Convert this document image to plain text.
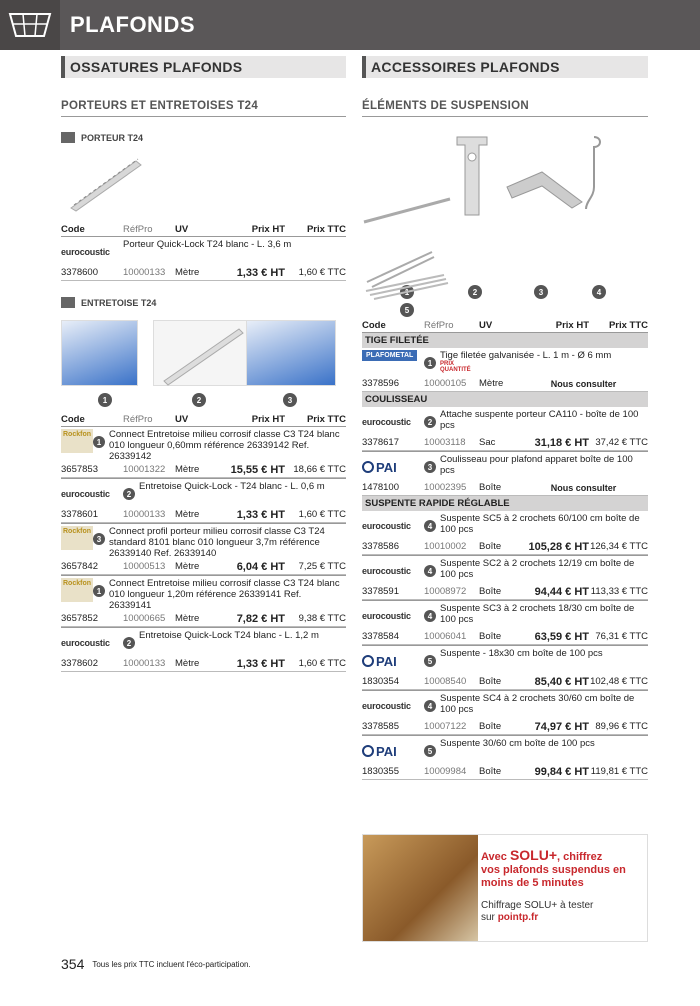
PLAFONDS
OSSATURES PLAFONDS
PORTEURS ET ENTRETOISES T24
PORTEUR T24
Code	RéfPro	UV	Prix HT	Prix TTC
eurocoustic
Porteur Quick-Lock T24 blanc - L. 3,6 m
3378600	10000133	Mètre	1,33 € HT	1,60 € TTC
ENTRETOISE T24
1	2	3
Code	RéfPro	UV	Prix HT	Prix TTC
Rockfon
1
Connect Entretoise milieu corrosif classe C3 T24 blanc 010 longueur 0,60mm référence 26339142 Ref. 26339142
3657853	10001322	Mètre	15,55 € HT 18,66 € TTC
eurocoustic	2
Entretoise Quick-Lock - T24 blanc - L. 0,6 m
3378601	10000133	Mètre	1,33 € HT	1,60 € TTC
Rockfon
3
Connect profil porteur milieu corrosif classe C3 T24 standard 8101 blanc 010 longueur 3,7m référence 26339140 Ref. 26339140
3657842	10000513	Mètre	6,04 € HT	7,25 € TTC
Rockfon
1
Connect Entretoise milieu corrosif classe C3 T24 blanc 010 longueur 1,20m référence 26339141 Ref. 26339141
3657852	10000665	Mètre	7,82 € HT	9,38 € TTC
eurocoustic	2
Entretoise Quick-Lock T24 blanc - L. 1,2 m
3378602	10000133	Mètre	1,33 € HT	1,60 € TTC
ACCESSOIRES PLAFONDS
ÉLÉMENTS DE SUSPENSION
2	3	4
5
Code	RéfPro	UV	Prix HT	Prix TTC
TIGE FILETÉE
PLAFOMETAL
1
Tige filetée galvanisée - L. 1 m - Ø 6 mm
PRIX QUANTITÉ
3378596	10000105	Mètre	Nous consulter
COULISSEAU
eurocoustic	2
Attache suspente porteur CA110 - boîte de 100 pcs
3378617	10003118	Sac	31,18 € HT 37,42 € TTC
PAI	3
Coulisseau pour plafond apparet boîte de 100 pcs
1478100	10002395	Boîte	Nous consulter
SUSPENTE RAPIDE RÉGLABLE
eurocoustic	4
Suspente SC5 à 2 crochets 60/100 cm boîte de 100 pcs
3378586	10010002	Boîte	105,28 € HT 126,34 € TTC
eurocoustic	4
Suspente SC2 à 2 crochets 12/19 cm boîte de 100 pcs
3378591	10008972	Boîte	94,44 € HT 113,33 € TTC
eurocoustic	4
Suspente SC3 à 2 crochets 18/30 cm boîte de 100 pcs
3378584	10006041	Boîte	63,59 € HT 76,31 € TTC
PAI	5
Suspente - 18x30 cm boîte de 100 pcs
1830354	10008540	Boîte	85,40 € HT 102,48 € TTC
eurocoustic	4
Suspente SC4 à 2 crochets 30/60 cm boîte de 100 pcs
3378585	10007122	Boîte	74,97 € HT 89,96 € TTC
PAI	5
Suspente 30/60 cm boîte de 100 pcs
1830355	10009984	Boîte	99,84 € HT 119,81 € TTC
Avec SOLU+, chiffrez
vos plafonds suspendus en moins de 5 minutes
Chiffrage SOLU+ à tester
sur pointp.fr
354 Tous les prix TTC incluent l'éco-participation.
